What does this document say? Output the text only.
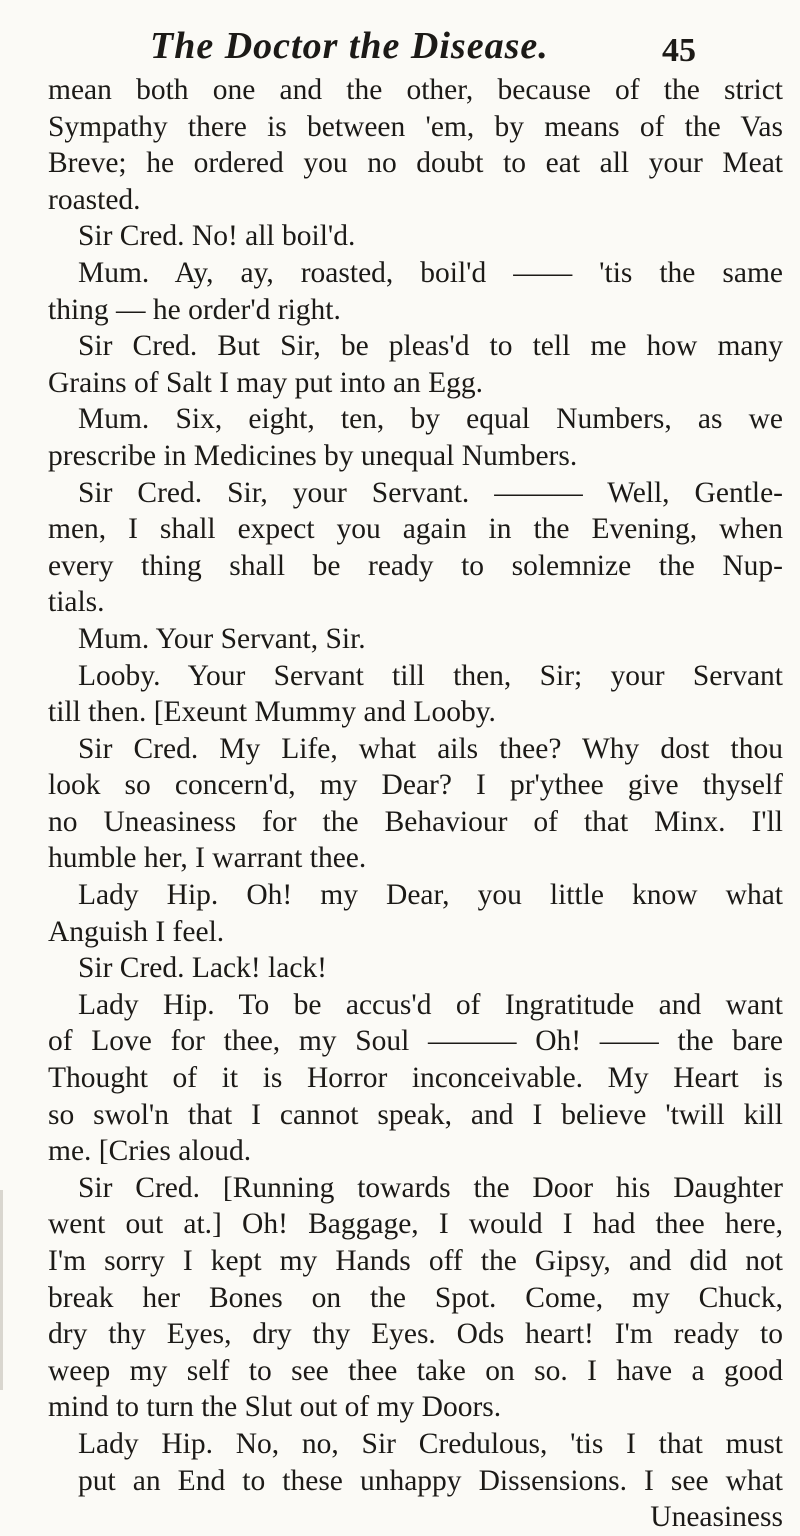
The Doctor the Disease.	45
mean both one and the other, because of the strict
Sympathy there is between 'em, by means of the Vas
Breve; he ordered you no doubt to eat all your Meat
roasted.
Sir Cred. No! all boil'd.
Mum. Ay, ay, roasted, boil'd —— 'tis the same
thing — he order'd right.
Sir Cred. But Sir, be pleas'd to tell me how many
Grains of Salt I may put into an Egg.
Mum. Six, eight, ten, by equal Numbers, as we
prescribe in Medicines by unequal Numbers.
Sir Cred. Sir, your Servant. ——— Well, Gentle-
men, I shall expect you again in the Evening, when
every thing shall be ready to solemnize the Nup-
tials.
Mum. Your Servant, Sir.
Looby. Your Servant till then, Sir; your Servant
till then. [Exeunt Mummy and Looby.
Sir Cred. My Life, what ails thee? Why dost thou
look so concern'd, my Dear? I pr'ythee give thyself
no Uneasiness for the Behaviour of that Minx. I'll
humble her, I warrant thee.
Lady Hip. Oh! my Dear, you little know what
Anguish I feel.
Sir Cred. Lack! lack!
Lady Hip. To be accus'd of Ingratitude and want
of Love for thee, my Soul ——— Oh! —— the bare
Thought of it is Horror inconceivable. My Heart is
so swol'n that I cannot speak, and I believe 'twill kill
me. [Cries aloud.
Sir Cred. [Running towards the Door his Daughter
went out at.] Oh! Baggage, I would I had thee here,
I'm sorry I kept my Hands off the Gipsy, and did not
break her Bones on the Spot. Come, my Chuck,
dry thy Eyes, dry thy Eyes. Ods heart! I'm ready to
weep my self to see thee take on so. I have a good
mind to turn the Slut out of my Doors.
Lady Hip. No, no, Sir Credulous, 'tis I that must
put an End to these unhappy Dissensions. I see what
Uneasiness
